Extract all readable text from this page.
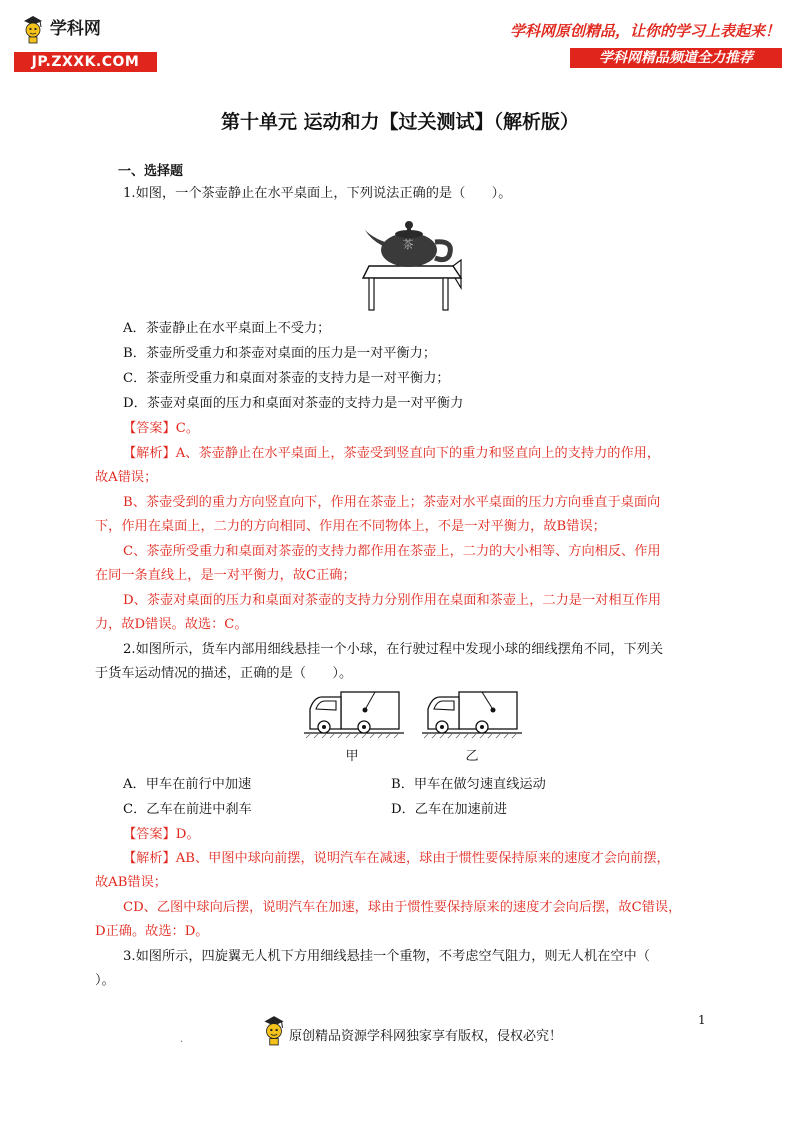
学科网
JP.ZXXK.COM
学科网原创精品，让你的学习上表起来！
学科网精品频道全力推荐
第十单元 运动和力【过关测试】（解析版）
一、选择题
1.如图，一个茶壶静止在水平桌面上，下列说法正确的是（　　）。
茶
A．茶壶静止在水平桌面上不受力；
B．茶壶所受重力和茶壶对桌面的压力是一对平衡力；
C．茶壶所受重力和桌面对茶壶的支持力是一对平衡力；
D．茶壶对桌面的压力和桌面对茶壶的支持力是一对平衡力
【答案】C。
【解析】A、茶壶静止在水平桌面上，茶壶受到竖直向下的重力和竖直向上的支持力的作用，
故A错误；
B、茶壶受到的重力方向竖直向下，作用在茶壶上；茶壶对水平桌面的压力方向垂直于桌面向
下，作用在桌面上，二力的方向相同、作用在不同物体上，不是一对平衡力，故B错误；
C、茶壶所受重力和桌面对茶壶的支持力都作用在茶壶上，二力的大小相等、方向相反、作用
在同一条直线上，是一对平衡力，故C正确；
D、茶壶对桌面的压力和桌面对茶壶的支持力分别作用在桌面和茶壶上，二力是一对相互作用
力，故D错误。故选：C。
2.如图所示，货车内部用细线悬挂一个小球，在行驶过程中发现小球的细线摆角不同，下列关
于货车运动情况的描述，正确的是（　　）。
甲	乙
A．甲车在前行中加速	B．甲车在做匀速直线运动
C．乙车在前进中刹车	D．乙车在加速前进
【答案】D。
【解析】AB、甲图中球向前摆，说明汽车在减速，球由于惯性要保持原来的速度才会向前摆，
故AB错误；
CD、乙图中球向后摆，说明汽车在加速，球由于惯性要保持原来的速度才会向后摆，故C错误，
D正确。故选：D。
3.如图所示，四旋翼无人机下方用细线悬挂一个重物，不考虑空气阻力，则无人机在空中（
）。
1
.	原创精品资源学科网独家享有版权，侵权必究！
